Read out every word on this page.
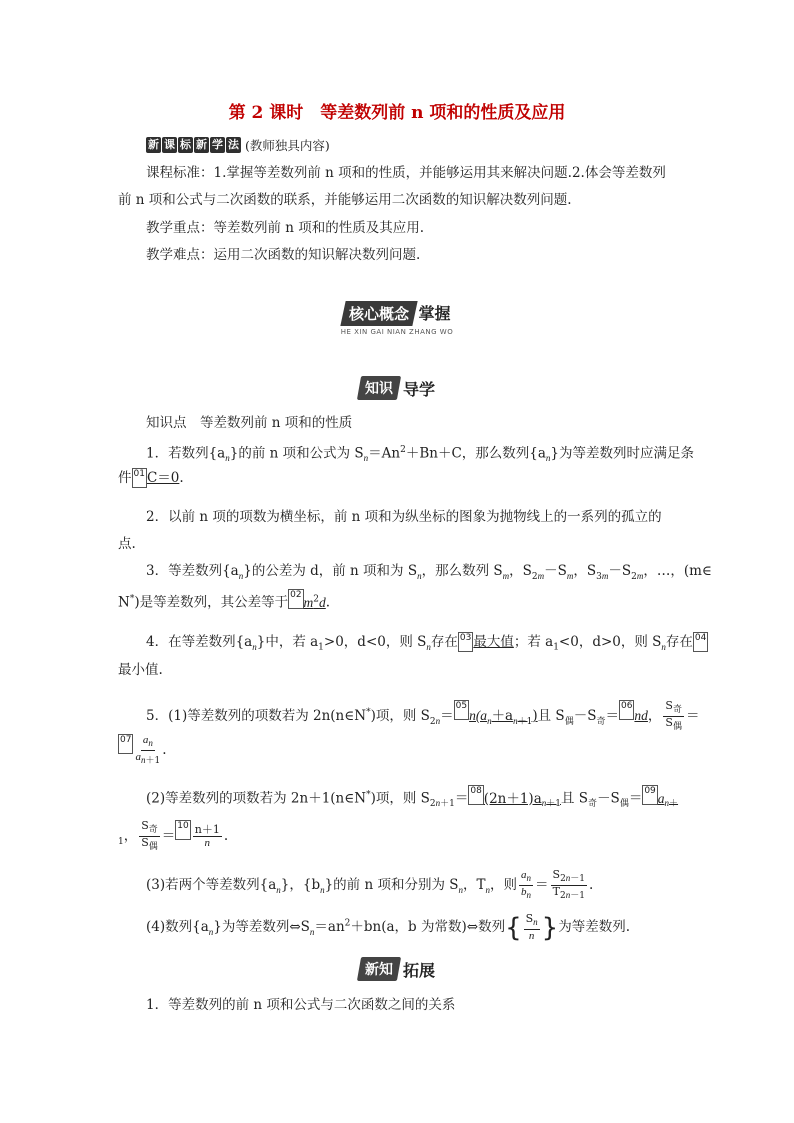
第 2 课时　等差数列前 n 项和的性质及应用
新 课 标 新 学 法 (教师独具内容)
课程标准：1.掌握等差数列前 n 项和的性质，并能够运用其来解决问题.2.体会等差数列
前 n 项和公式与二次函数的联系，并能够运用二次函数的知识解决数列问题.
教学重点：等差数列前 n 项和的性质及其应用.
教学难点：运用二次函数的知识解决数列问题.
核心概念 掌握
HE XIN GAI NIAN ZHANG WO
知识 导学
知识点　等差数列前 n 项和的性质
1．若数列$\{a_n\}$的前 n 项和公式为 $S_n=An^2+Bn+C$，那么数列$\{a_n\}$为等差数列时应满足条
件 01 C＝0.
2．以前 n 项的项数为横坐标，前 n 项和为纵坐标的图象为抛物线上的一系列的孤立的
点.
3．等差数列$\{a_n\}$的公差为 d，前 n 项和为 $S_n$，那么数列 $S_m$，$S_{2m}-S_m$，$S_{3m}-S_{2m}$，…，(m∈
N*)是等差数列，其公差等于 02 $m^2d$.
4．在等差数列$\{a_n\}$中，若 $a_1>0$，d<0，则 $S_n$存在 03 最大值；若 $a_1<0$，d>0，则 $S_n$存在 04
最小值.
5．(1)等差数列的项数若为 2n(n∈N*)项，则 $S_{2n}=05n(a_n+a_{n+1})$且 $S_偶-S_奇=06nd$， $\frac{S_奇}{S_偶}$ ＝
$07 \frac{a_n}{a_{n+1}}$ .
(2)等差数列的项数若为 2n＋1(n∈N*)项，则 $S_{2n+1}= 08$ $(2n+1)a_{n+1}$且 $S_奇-S_偶= 09$ $a_{n+}$
$_1$， $\frac{S_奇}{S_偶} =10 \frac{n+1}{n}$ .
(3)若两个等差数列$\{a_n\}$，$\{b_n\}$的前 n 项和分别为 $S_n$，$T_n$，则 $\frac{a_n}{b_n} = \frac{S_{2n-1}}{T_{2n-1}}$ .
(4)数列$\{a_n\}$为等差数列$\Leftrightarrow S_n=an^2+bn(a$，b 为常数)⇔数列 { $\frac{S_n}{n}$ } 为等差数列.
新知 拓展
1．等差数列的前 n 项和公式与二次函数之间的关系
